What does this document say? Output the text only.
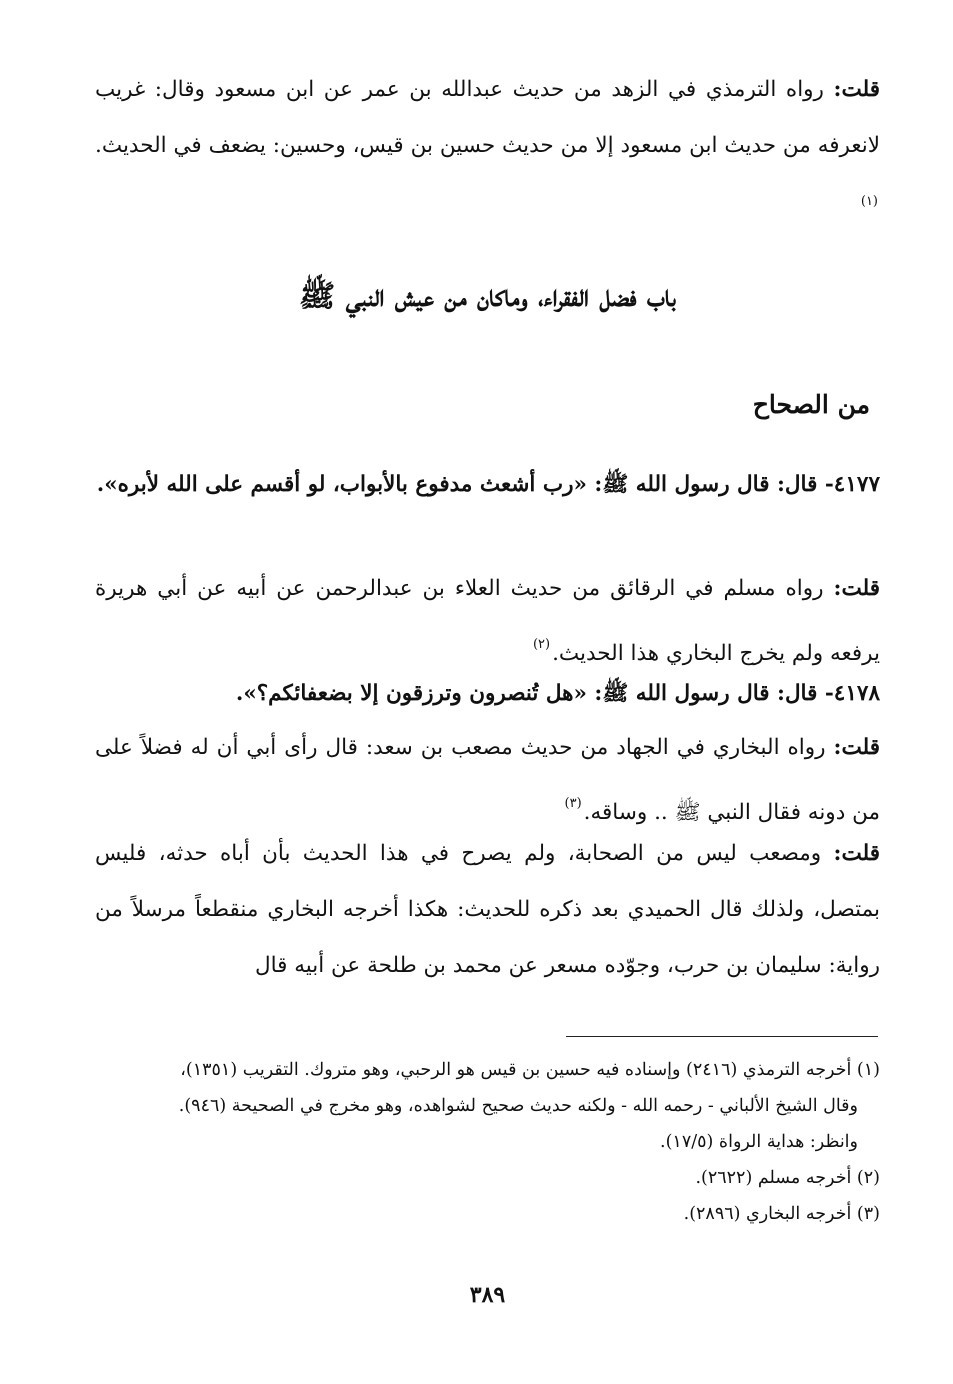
قلت: رواه الترمذي في الزهد من حديث عبدالله بن عمر عن ابن مسعود وقال: غريب لانعرفه من حديث ابن مسعود إلا من حديث حسين بن قيس، وحسين: يضعف في الحديث.$^{(١)}$

باب فضل الفقراء، وماكان من عيش النبي ﷺ
من الصحاح

٤١٧٧- قال: قال رسول الله ﷺ: «رب أشعث مدفوع بالأبواب، لو أقسم على الله لأبره».

قلت: رواه مسلم في الرقائق من حديث العلاء بن عبدالرحمن عن أبيه عن أبي هريرة يرفعه ولم يخرج البخاري هذا الحديث.$^{(٢)}$

٤١٧٨- قال: قال رسول الله ﷺ: «هل تُنصرون وترزقون إلا بضعفائكم؟».

قلت: رواه البخاري في الجهاد من حديث مصعب بن سعد: قال رأى أبي أن له فضلاً على من دونه فقال النبي ﷺ .. وساقه.$^{(٣)}$

قلت: ومصعب ليس من الصحابة، ولم يصرح في هذا الحديث بأن أباه حدثه، فليس بمتصل، ولذلك قال الحميدي بعد ذكره للحديث: هكذا أخرجه البخاري منقطعاً مرسلاً من رواية: سليمان بن حرب، وجوّده مسعر عن محمد بن طلحة عن أبيه قال

(١) أخرجه الترمذي (٢٤١٦) وإسناده فيه حسين بن قيس هو الرحبي، وهو متروك. التقريب (١٣٥١)،

وقال الشيخ الألباني - رحمه الله - ولكنه حديث صحيح لشواهده، وهو مخرج في الصحيحة (٩٤٦).

وانظر: هداية الرواة (١٧/٥).

(٢) أخرجه مسلم (٢٦٢٢).

(٣) أخرجه البخاري (٢٨٩٦).

٣٨٩
